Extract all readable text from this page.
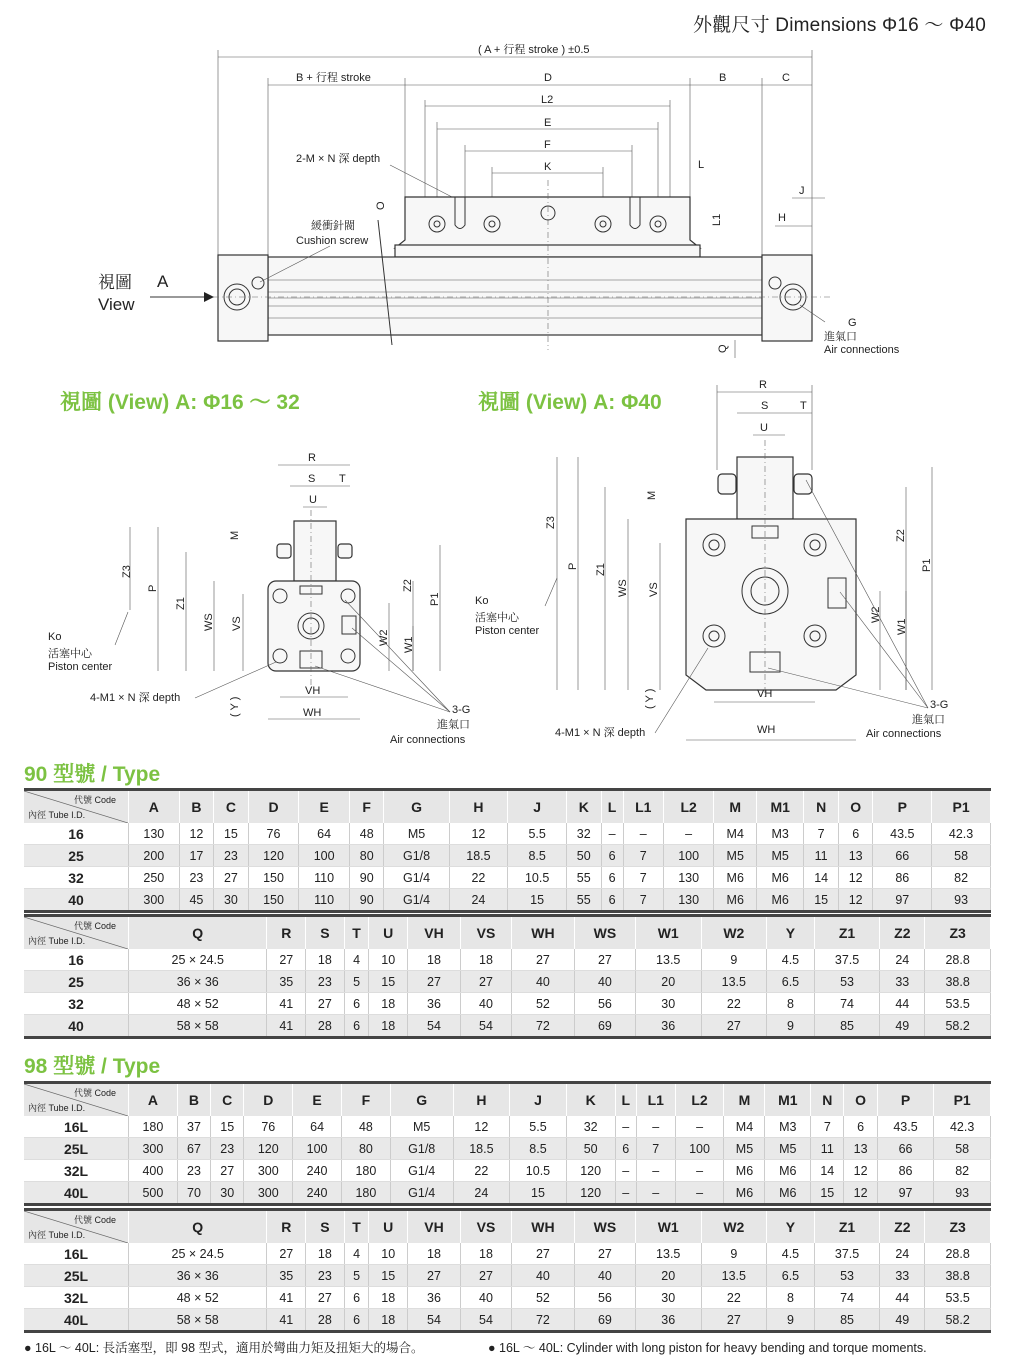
外觀尺寸 Dimensions Φ16 ～ Φ40
( A + 行程 stroke ) ±0.5
B + 行程 stroke	D	B	C
L2
E
F
K	L
2-M × N 深 depth
J
H
L1
O
緩衝針閥
Cushion screw
視圖
View
A
G
進氣口
Air connections
Q
R
S T
U
Z3
P
Z1
WS VS
M
Z2
P1
W2 W1
( Y )
VH
WH
Ko
活塞中心
Piston center
4-M1 × N 深 depth
3-G
進氣口
Air connections
R
S	T
U
Z3
P Z1
WS VS
M
Z2
P1
W2
W1
( Y )	VH
WH
Ko
活塞中心
Piston center
4-M1 × N 深 depth
3-G
進氣口
Air connections
視圖 (View) A: Φ16 ～ 32	視圖 (View) A: Φ40
90 型號 / Type
代號 Code
內徑 Tube I.D.	A	B	C	D	E	F	G	H	J	K	L	L1	L2	M	M1	N	O	P	P1
16	130	12	15	76	64	48	M5	12	5.5	32	–	–	–	M4	M3	7	6	43.5	42.3
25	200	17	23	120	100	80	G1/8	18.5	8.5	50	6	7	100	M5	M5	11	13	66	58
32	250	23	27	150	110	90	G1/4	22	10.5	55	6	7	130	M6	M6	14	12	86	82
40	300	45	30	150	110	90	G1/4	24	15	55	6	7	130	M6	M6	15	12	97	93
代號 Code
內徑 Tube I.D.	Q	R	S	T	U	VH	VS	WH	WS	W1	W2	Y	Z1	Z2	Z3
16	25 × 24.5	27	18	4	10	18	18	27	27	13.5	9	4.5	37.5	24	28.8
25	36 × 36	35	23	5	15	27	27	40	40	20	13.5	6.5	53	33	38.8
32	48 × 52	41	27	6	18	36	40	52	56	30	22	8	74	44	53.5
40	58 × 58	41	28	6	18	54	54	72	69	36	27	9	85	49	58.2
98 型號 / Type
代號 Code
內徑 Tube I.D.	A	B	C	D	E	F	G	H	J	K	L	L1	L2	M	M1	N	O	P	P1
16L	180	37	15	76	64	48	M5	12	5.5	32	–	–	–	M4	M3	7	6	43.5	42.3
25L	300	67	23	120	100	80	G1/8	18.5	8.5	50	6	7	100	M5	M5	11	13	66	58
32L	400	23	27	300	240	180	G1/4	22	10.5	120	–	–	–	M6	M6	14	12	86	82
40L	500	70	30	300	240	180	G1/4	24	15	120	–	–	–	M6	M6	15	12	97	93
代號 Code
內徑 Tube I.D.	Q	R	S	T	U	VH	VS	WH	WS	W1	W2	Y	Z1	Z2	Z3
16L	25 × 24.5	27	18	4	10	18	18	27	27	13.5	9	4.5	37.5	24	28.8
25L	36 × 36	35	23	5	15	27	27	40	40	20	13.5	6.5	53	33	38.8
32L	48 × 52	41	27	6	18	36	40	52	56	30	22	8	74	44	53.5
40L	58 × 58	41	28	6	18	54	54	72	69	36	27	9	85	49	58.2
● 16L ～ 40L: 長活塞型，即 98 型式，適用於彎曲力矩及扭矩大的場合。	● 16L ～ 40L: Cylinder with long piston for heavy bending and torque moments.
